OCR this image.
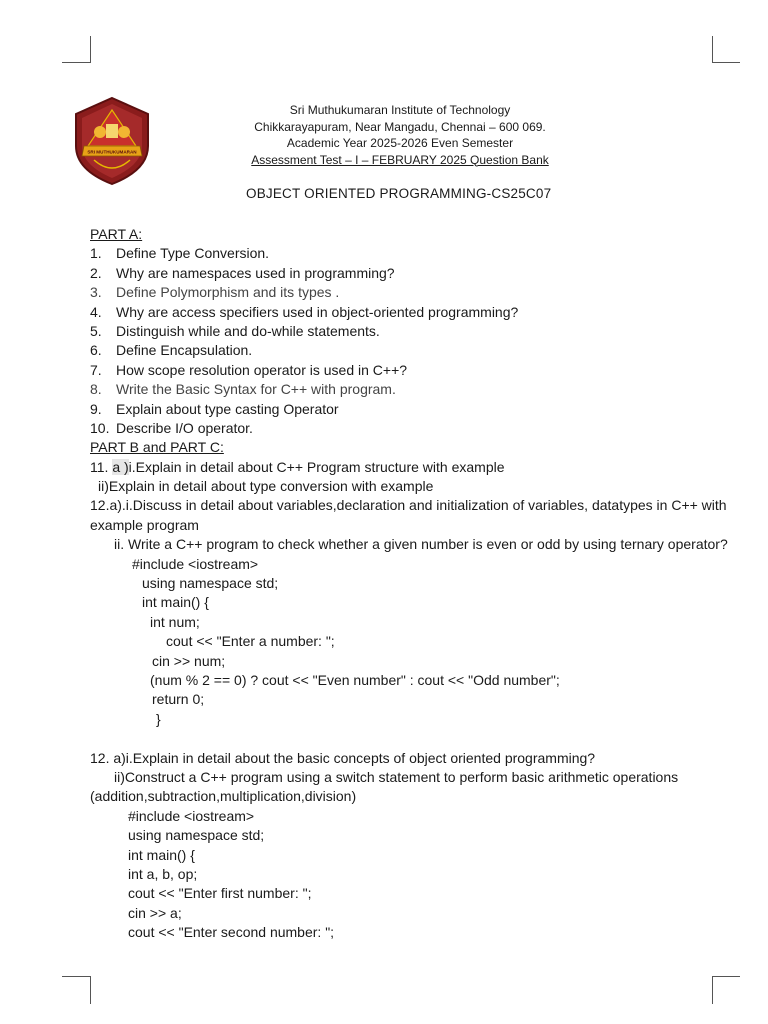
SRI MUTHUKUMARAN
Sri Muthukumaran Institute of Technology
Chikkarayapuram, Near Mangadu, Chennai – 600 069.
Academic Year 2025-2026 Even Semester
Assessment Test – I – FEBRUARY 2025 Question Bank
OBJECT ORIENTED PROGRAMMING-CS25C07
PART A:
1.	Define Type Conversion.
2.	Why are namespaces used in programming?
3.	Define Polymorphism and its types .
4.	Why are access specifiers used in object-oriented programming?
5.	Distinguish while and do-while statements.
6.	Define Encapsulation.
7.	How scope resolution operator is used in C++?
8.	Write the Basic Syntax for C++ with program.
9.	Explain about type casting Operator
10. Describe I/O operator.
PART B and PART C:
11. a )i.Explain in detail about C++ Program structure with example
ii)Explain in detail about type conversion with example
12.a).i.Discuss in detail about variables,declaration and initialization of variables, datatypes in C++ with example program
ii. Write a C++ program to check whether a given number is even or odd by using ternary operator?
#include <iostream>
using namespace std;
int main() {
int num;
cout << "Enter a number: ";
cin >> num;
(num % 2 == 0) ? cout << "Even number" : cout << "Odd number";
return 0;
}
12. a)i.Explain in detail about the basic concepts of object oriented programming?
ii)Construct a C++ program using a switch statement to perform basic arithmetic operations (addition,subtraction,multiplication,division)
#include <iostream>
using namespace std;
int main() {
int a, b, op;
cout << "Enter first number: ";
cin >> a;
cout << "Enter second number: ";
